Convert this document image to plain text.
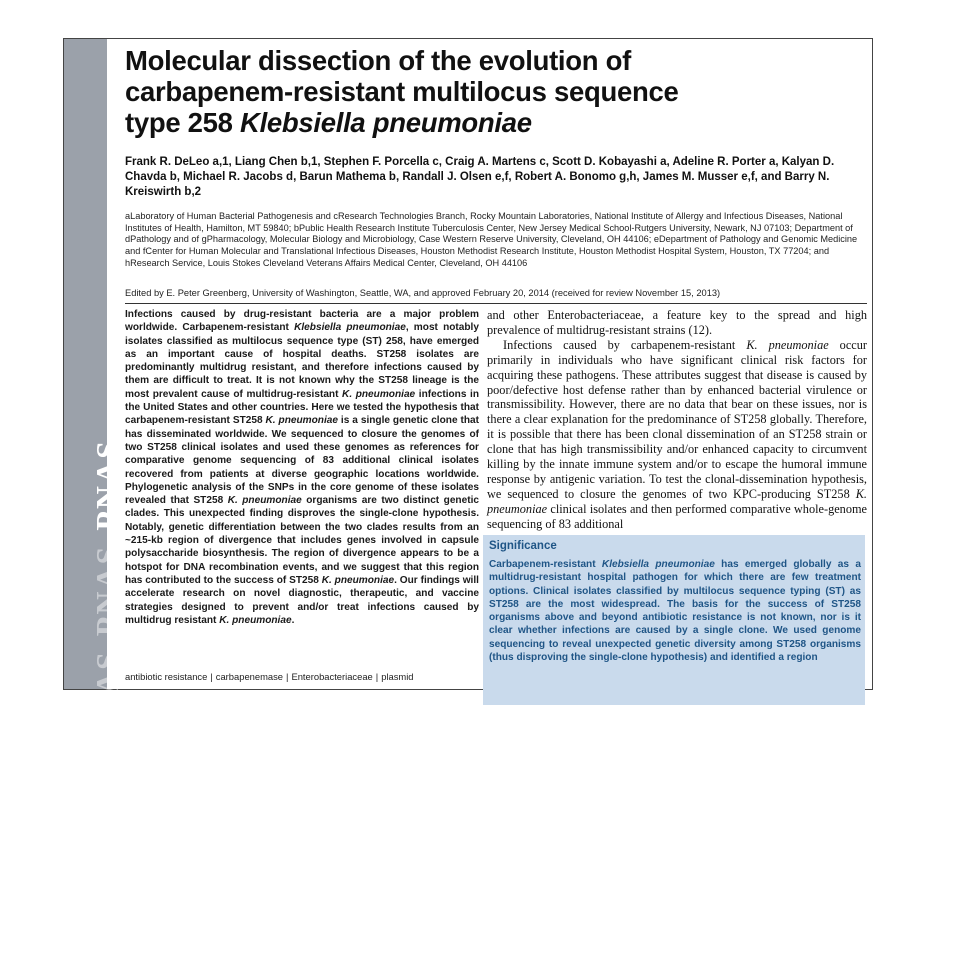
PNASPNASPNASPNASPNAS
Molecular dissection of the evolution of
carbapenem-resistant multilocus sequence
type 258 Klebsiella pneumoniae
Frank R. DeLeo a,1, Liang Chen b,1, Stephen F. Porcella c, Craig A. Martens c, Scott D. Kobayashi a, Adeline R. Porter a, Kalyan D. Chavda b, Michael R. Jacobs d, Barun Mathema b, Randall J. Olsen e,f, Robert A. Bonomo g,h, James M. Musser e,f, and Barry N. Kreiswirth b,2
aLaboratory of Human Bacterial Pathogenesis and cResearch Technologies Branch, Rocky Mountain Laboratories, National Institute of Allergy and Infectious Diseases, National Institutes of Health, Hamilton, MT 59840; bPublic Health Research Institute Tuberculosis Center, New Jersey Medical School-Rutgers University, Newark, NJ 07103; Department of dPathology and of gPharmacology, Molecular Biology and Microbiology, Case Western Reserve University, Cleveland, OH 44106; eDepartment of Pathology and Genomic Medicine and fCenter for Human Molecular and Translational Infectious Diseases, Houston Methodist Research Institute, Houston Methodist Hospital System, Houston, TX 77204; and hResearch Service, Louis Stokes Cleveland Veterans Affairs Medical Center, Cleveland, OH 44106
Edited by E. Peter Greenberg, University of Washington, Seattle, WA, and approved February 20, 2014 (received for review November 15, 2013)

Infections caused by drug-resistant bacteria are a major problem worldwide. Carbapenem-resistant Klebsiella pneumoniae, most notably isolates classified as multilocus sequence type (ST) 258, have emerged as an important cause of hospital deaths. ST258 isolates are predominantly multidrug resistant, and therefore infections caused by them are difficult to treat. It is not known why the ST258 lineage is the most prevalent cause of multidrug-resistant K. pneumoniae infections in the United States and other countries. Here we tested the hypothesis that carbapenem-resistant ST258 K. pneumoniae is a single genetic clone that has disseminated worldwide. We sequenced to closure the genomes of two ST258 clinical isolates and used these genomes as references for comparative genome sequencing of 83 additional clinical isolates recovered from patients at diverse geographic locations worldwide. Phylogenetic analysis of the SNPs in the core genome of these isolates revealed that ST258 K. pneumoniae organisms are two distinct genetic clades. This unexpected finding disproves the single-clone hypothesis. Notably, genetic differentiation between the two clades results from an ~215-kb region of divergence that includes genes involved in capsule polysaccharide biosynthesis. The region of divergence appears to be a hotspot for DNA recombination events, and we suggest that this region has contributed to the success of ST258 K. pneumoniae. Our findings will accelerate research on novel diagnostic, therapeutic, and vaccine strategies designed to prevent and/or treat infections caused by multidrug resistant K. pneumoniae.

antibiotic resistance | carbapenemase | Enterobacteriaceae | plasmid

and other Enterobacteriaceae, a feature key to the spread and high prevalence of multidrug-resistant strains (12).

Infections caused by carbapenem-resistant K. pneumoniae occur primarily in individuals who have significant clinical risk factors for acquiring these pathogens. These attributes suggest that disease is caused by poor/defective host defense rather than by enhanced bacterial virulence or transmissibility. However, there are no data that bear on these issues, nor is there a clear explanation for the predominance of ST258 globally. Therefore, it is possible that there has been clonal dissemination of an ST258 strain or clone that has high transmissibility and/or enhanced capacity to circumvent killing by the innate immune system and/or to escape the humoral immune response by antigenic variation. To test the clonal-dissemination hypothesis, we sequenced to closure the genomes of two KPC-producing ST258 K. pneumoniae clinical isolates and then performed comparative whole-genome sequencing of 83 additional

Significance

Carbapenem-resistant Klebsiella pneumoniae has emerged globally as a multidrug-resistant hospital pathogen for which there are few treatment options. Clinical isolates classified by multilocus sequence typing (ST) as ST258 are the most widespread. The basis for the success of ST258 organisms above and beyond antibiotic resistance is not known, nor is it clear whether infections are caused by a single clone. We used genome sequencing to reveal unexpected genetic diversity among ST258 organisms (thus disproving the single-clone hypothesis) and identified a region
